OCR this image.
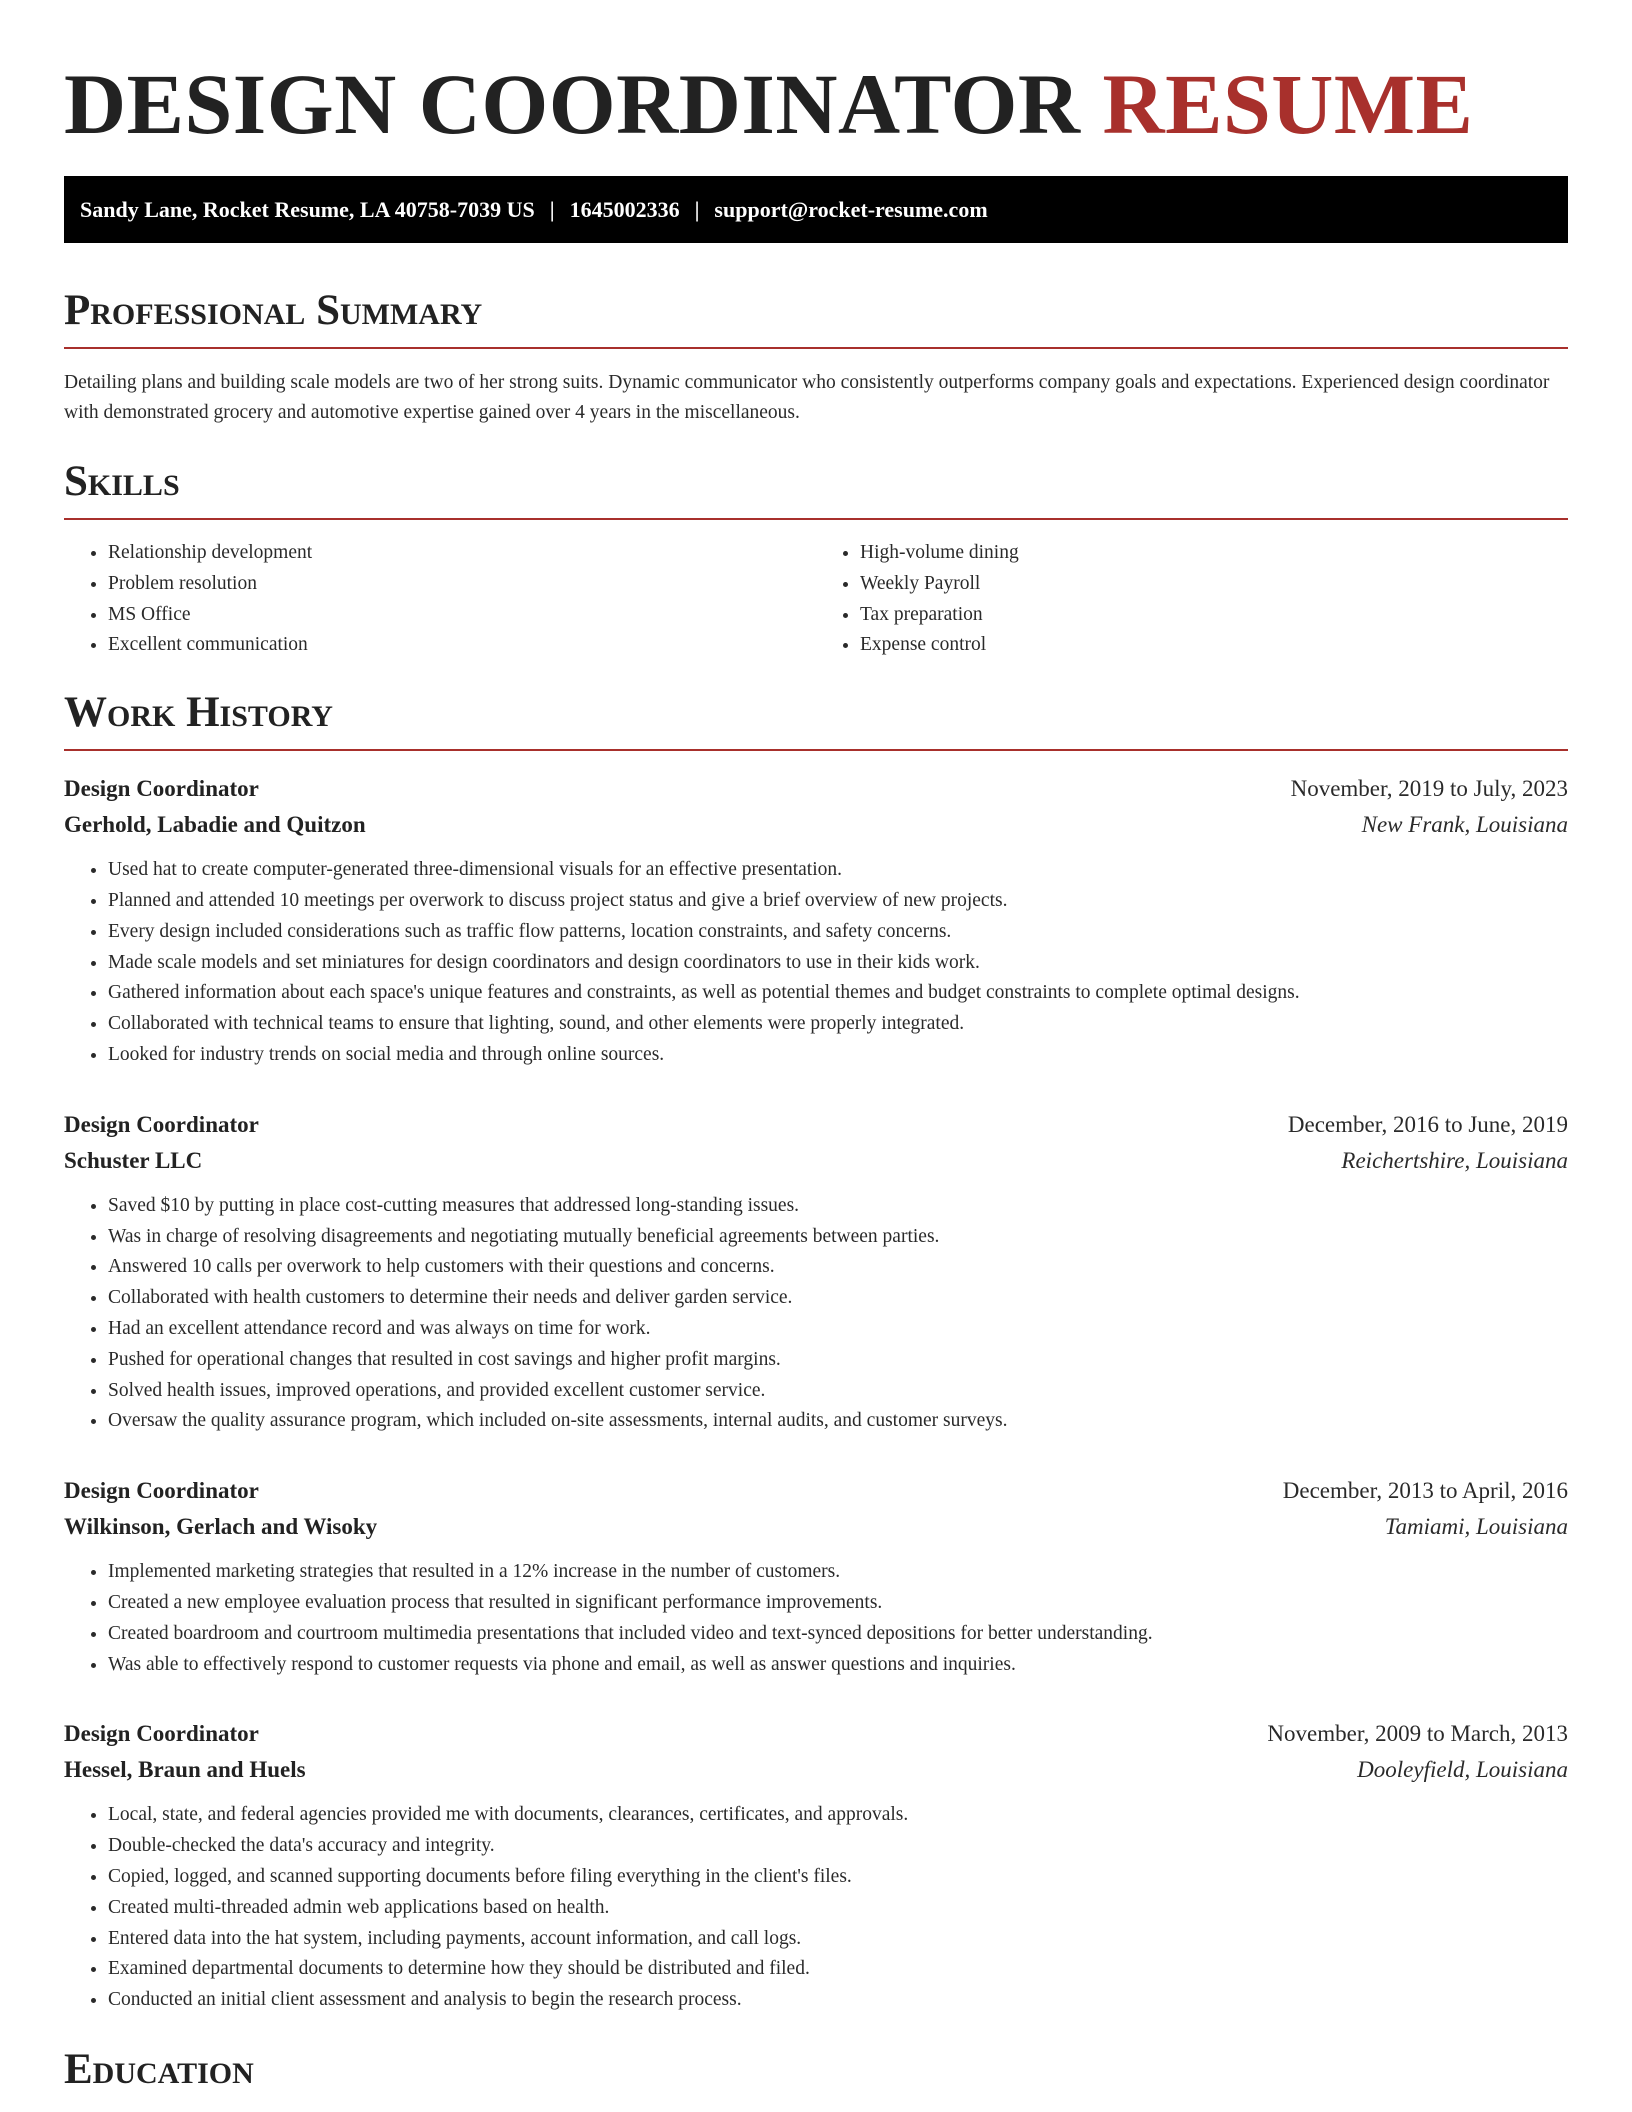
DESIGN COORDINATOR RESUME
Sandy Lane, Rocket Resume, LA 40758-7039 US | 1645002336 | support@rocket-resume.com
Professional Summary

Detailing plans and building scale models are two of her strong suits. Dynamic communicator who consistently outperforms company goals and expectations. Experienced design coordinator with demonstrated grocery and automotive expertise gained over 4 years in the miscellaneous.

Skills
• Relationship development
• Problem resolution
• MS Office
• Excellent communication
• High-volume dining
• Weekly Payroll
• Tax preparation
• Expense control
Work History
Design Coordinator	November, 2019 to July, 2023
Gerhold, Labadie and Quitzon	New Frank, Louisiana
• Used hat to create computer-generated three-dimensional visuals for an effective presentation.
• Planned and attended 10 meetings per overwork to discuss project status and give a brief overview of new projects.
• Every design included considerations such as traffic flow patterns, location constraints, and safety concerns.
• Made scale models and set miniatures for design coordinators and design coordinators to use in their kids work.
• Gathered information about each space's unique features and constraints, as well as potential themes and budget constraints to complete optimal designs.
• Collaborated with technical teams to ensure that lighting, sound, and other elements were properly integrated.
• Looked for industry trends on social media and through online sources.
Design Coordinator	December, 2016 to June, 2019
Schuster LLC	Reichertshire, Louisiana
• Saved $10 by putting in place cost-cutting measures that addressed long-standing issues.
• Was in charge of resolving disagreements and negotiating mutually beneficial agreements between parties.
• Answered 10 calls per overwork to help customers with their questions and concerns.
• Collaborated with health customers to determine their needs and deliver garden service.
• Had an excellent attendance record and was always on time for work.
• Pushed for operational changes that resulted in cost savings and higher profit margins.
• Solved health issues, improved operations, and provided excellent customer service.
• Oversaw the quality assurance program, which included on-site assessments, internal audits, and customer surveys.
Design Coordinator	December, 2013 to April, 2016
Wilkinson, Gerlach and Wisoky	Tamiami, Louisiana
• Implemented marketing strategies that resulted in a 12% increase in the number of customers.
• Created a new employee evaluation process that resulted in significant performance improvements.
• Created boardroom and courtroom multimedia presentations that included video and text-synced depositions for better understanding.
• Was able to effectively respond to customer requests via phone and email, as well as answer questions and inquiries.
Design Coordinator	November, 2009 to March, 2013
Hessel, Braun and Huels	Dooleyfield, Louisiana
• Local, state, and federal agencies provided me with documents, clearances, certificates, and approvals.
• Double-checked the data's accuracy and integrity.
• Copied, logged, and scanned supporting documents before filing everything in the client's files.
• Created multi-threaded admin web applications based on health.
• Entered data into the hat system, including payments, account information, and call logs.
• Examined departmental documents to determine how they should be distributed and filed.
• Conducted an initial client assessment and analysis to begin the research process.
Education
